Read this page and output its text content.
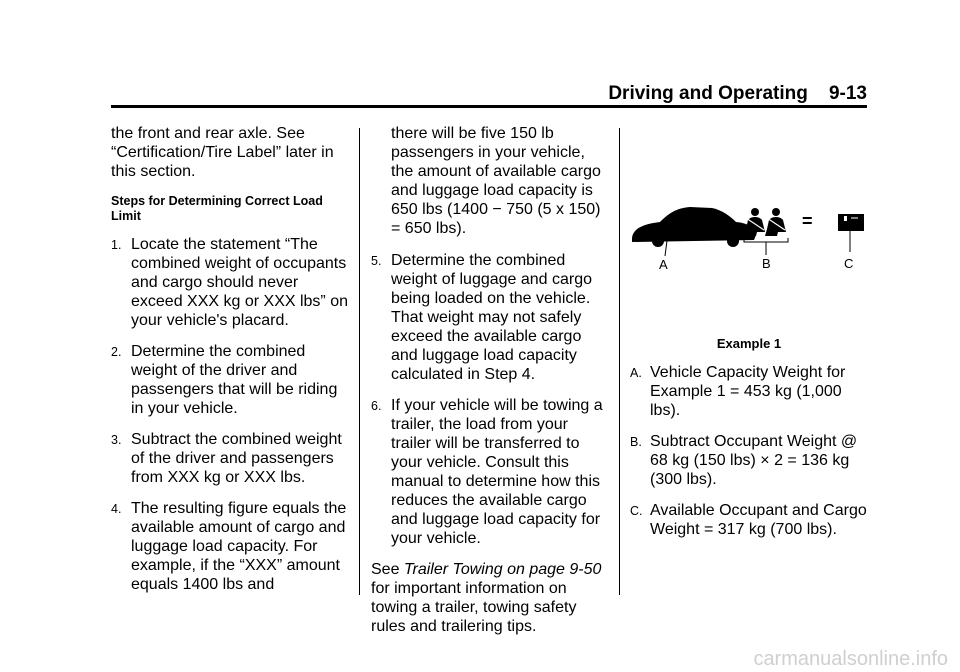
Driving and Operating    9-13

the front and rear axle. See “Certification/Tire Label” later in this section.

Steps for Determining Correct Load Limit
1. Locate the statement “The combined weight of occupants and cargo should never exceed XXX kg or XXX lbs” on your vehicle's placard.
2. Determine the combined weight of the driver and passengers that will be riding in your vehicle.
3. Subtract the combined weight of the driver and passengers from XXX kg or XXX lbs.
4. The resulting figure equals the available amount of cargo and luggage load capacity. For example, if the “XXX” amount equals 1400 lbs and

there will be five 150 lb passengers in your vehicle, the amount of available cargo and luggage load capacity is 650 lbs (1400 − 750 (5 x 150) = 650 lbs).

5. Determine the combined weight of luggage and cargo being loaded on the vehicle. That weight may not safely exceed the available cargo and luggage load capacity calculated in Step 4.
6. If your vehicle will be towing a trailer, the load from your trailer will be transferred to your vehicle. Consult this manual to determine how this reduces the available cargo and luggage load capacity for your vehicle.

See Trailer Towing on page 9-50 for important information on towing a trailer, towing safety rules and trailering tips.

A
−
B
=
C
Example 1
A. Vehicle Capacity Weight for Example 1 = 453 kg (1,000 lbs).
B. Subtract Occupant Weight @ 68 kg (150 lbs) × 2 = 136 kg (300 lbs).
C. Available Occupant and Cargo Weight = 317 kg (700 lbs).
carmanualsonline.info
